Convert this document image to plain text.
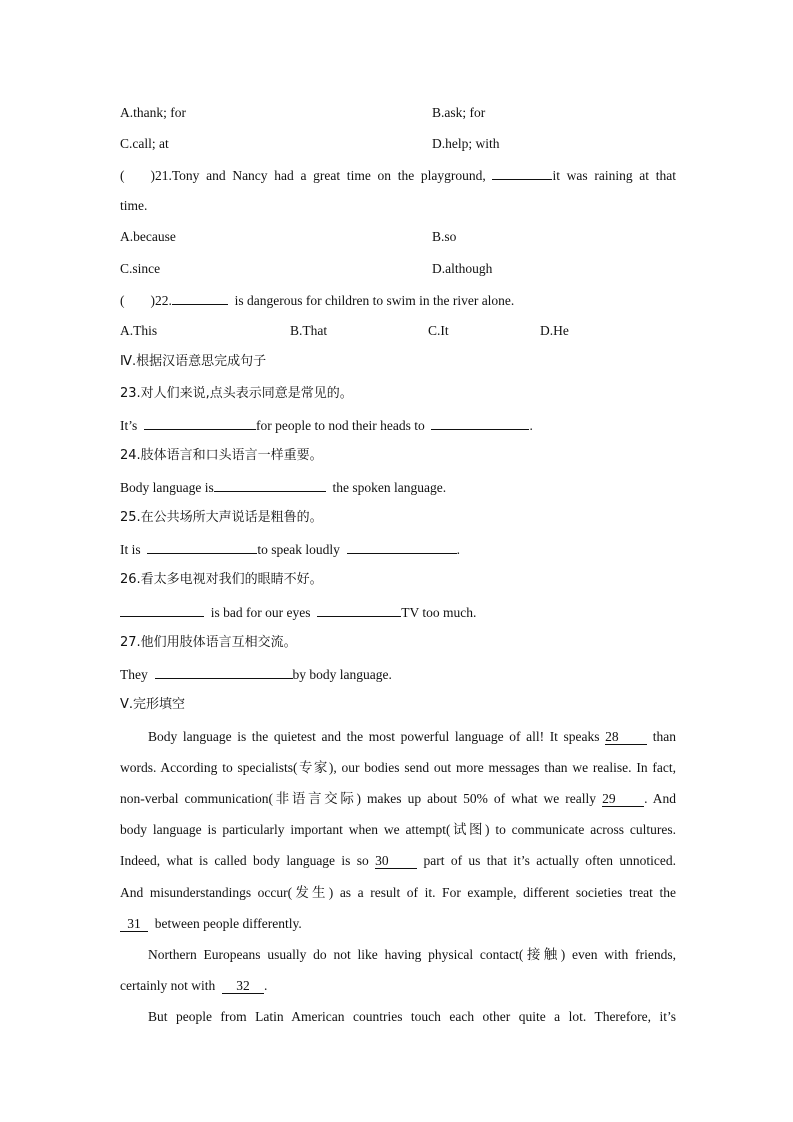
A.thank; for	B.ask; for
C.call; at	D.help; with
( )21.Tony and Nancy had a great time on the playground,	it was raining at that
time.
A.because	B.so
C.since	D.although
( )22.	is dangerous for children to swim in the river alone.
A.This	B.That	C.It	D.He
Ⅳ.根据汉语意思完成句子
23.对人们来说,点头表示同意是常见的。
It’s	for people to nod their heads to	.
24.肢体语言和口头语言一样重要。
Body language is	the spoken language.
25.在公共场所大声说话是粗鲁的。
It is	to speak loudly	.
26.看太多电视对我们的眼睛不好。
is bad for our eyes	TV too much.
27.他们用肢体语言互相交流。
They	by body language.
Ⅴ.完形填空
Body language is the quietest and the most powerful language of all! It speaks 28	than
words. According to specialists(专家), our bodies send out more messages than we realise. In fact,
non-verbal communication(非语言交际) makes up about 50% of what we really 29 . And
body language is particularly important when we attempt(试图) to communicate across cultures.
Indeed, what is called body language is so 30	part of us that it’s actually often unnoticed.
And misunderstandings occur(发生) as a result of it. For example, different societies treat the
31 between people differently.
Northern Europeans usually do not like having physical contact(接触) even with friends,
certainly not with 32 .
But people from Latin American countries touch each other quite a lot. Therefore, it’s
